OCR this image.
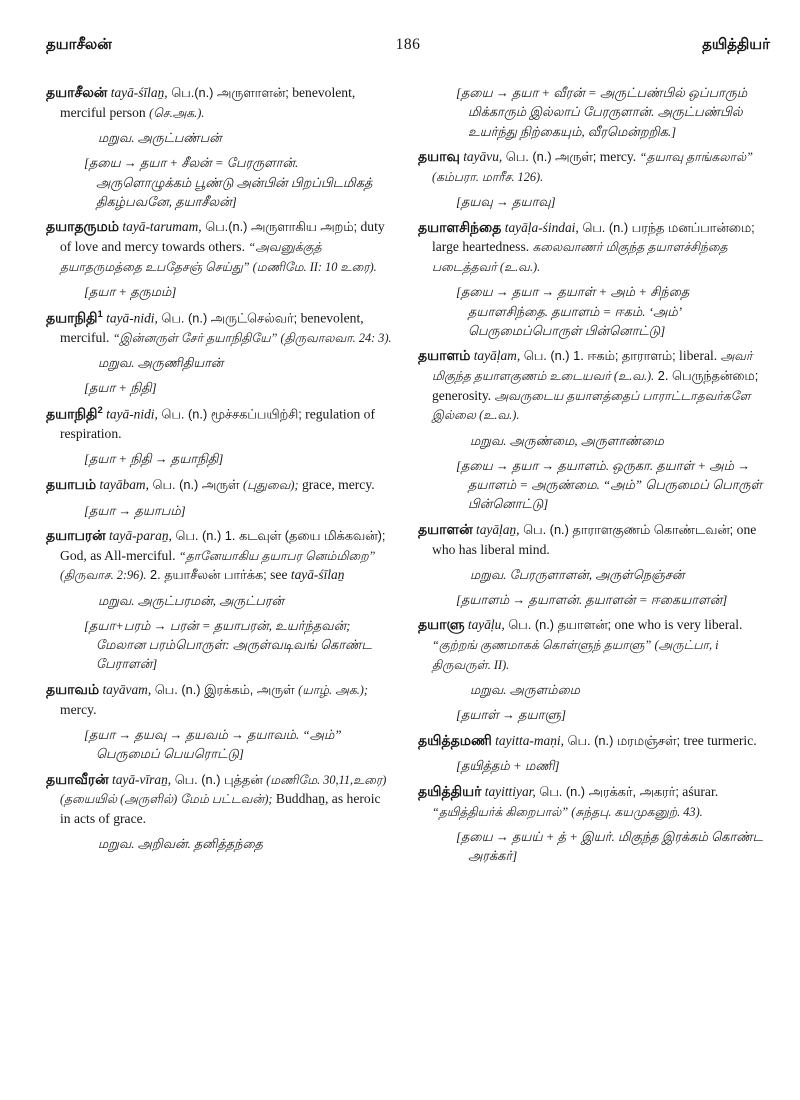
தயாசீலன்	186	தயித்தியர்

தயாசீலன் tayā-śīlaṉ, பெ.(n.) அருளாளன்; benevolent, merciful person (செ.அக.).

மறுவ. அருட்பண்பன்

[தயை → தயா + சீலன் = பேரருளான். அருளொழுக்கம் பூண்டு அன்பின் பிறப்பிடமிகத் திகழ்பவனே, தயாசீலன்]

தயாதருமம் tayā-tarumam, பெ.(n.) அருளாகிய அறம்; duty of love and mercy towards others. “அவனுக்குத் தயாதருமத்தை உபதேசஞ் செய்து” (மணிமே. II: 10 உரை).

[தயா + தருமம்]

தயாநிதி$^1$ tayā-nidi, பெ. (n.) அருட்செல்வர்; benevolent, merciful. “இன்னருள் சேர் தயாநிதியே” (திருவாலவா. 24: 3).

மறுவ. அருணிதியான்

[தயா + நிதி]

தயாநிதி$^2$ tayā-nidi, பெ. (n.) மூச்சகப்பயிற்சி; regulation of respiration.

[தயா + நிதி → தயாநிதி]

தயாபம் tayābam, பெ. (n.) அருள் (புதுவை); grace, mercy.

[தயா → தயாபம்]

தயாபரன் tayā-paraṉ, பெ. (n.) 1. கடவுள் (தயை மிக்கவன்); God, as All-merciful. “தானேயாகிய தயாபர னெம்மிறை” (திருவாச. 2:96). 2. தயாசீலன் பார்க்க; see tayā-śīlaṉ

மறுவ. அருட்பரமன், அருட்பரன்

[தயா+பரம் → பரன் = தயாபரன், உயர்ந்தவன்; மேலான பரம்பொருள்: அருள்வடிவங் கொண்ட பேராளன்]

தயாவம் tayāvam, பெ. (n.) இரக்கம், அருள் (யாழ். அக.); mercy.

[தயா → தயவு → தயவம் → தயாவம். “அம்” பெருமைப் பெயரொட்டு]

தயாவீரன் tayā-vīraṉ, பெ. (n.) புத்தன் (மணிமே. 30,11,உரை) (தயையில் (அருளில்) மேம் பட்டவன்); Buddhaṉ, as heroic in acts of grace.

மறுவ. அறிவன். தனித்தந்தை

[தயை → தயா + வீரன் = அருட்பண்பில் ஒப்பாரும் மிக்காரும் இல்லாப் பேரருளான். அருட்பண்பில் உயர்ந்து நிற்கையும், வீரமென்றறிக.]

தயாவு tayāvu, பெ. (n.) அருள்; mercy. “தயாவு தாங்கலால்” (கம்பரா. மாரீச. 126).

[தயவு → தயாவு]

தயாளசிந்தை tayāḷa-śindai, பெ. (n.) பரந்த மனப்பான்மை; large heartedness. கலைவாணர் மிகுந்த தயாளச்சிந்தை படைத்தவர் (உ.வ.).

[தயை → தயா → தயாள் + அம் + சிந்தை தயாளசிந்தை. தயாளம் = ஈகம். ‘அம்’ பெருமைப்பொருள் பின்னொட்டு]

தயாளம் tayāḷam, பெ. (n.) 1. ஈகம்; தாராளம்; liberal. அவர் மிகுந்த தயாளகுணம் உடையவர் (உ.வ.). 2. பெருந்தன்மை; generosity. அவருடைய தயாளத்தைப் பாராட்டாதவர்களே இல்லை (உ.வ.).

மறுவ. அருண்மை, அருளாண்மை

[தயை → தயா → தயாளம். ஒருகா. தயாள் + அம் → தயாளம் = அருண்மை. “அம்” பெருமைப் பொருள் பின்னொட்டு]

தயாளன் tayāḷaṉ, பெ. (n.) தாராளகுணம் கொண்டவன்; one who has liberal mind.

மறுவ. பேரருளாளன், அருள்நெஞ்சன்

[தயாளம் → தயாளன். தயாளன் = ஈகையாளன்]

தயாளு tayāḷu, பெ. (n.) தயாளன்; one who is very liberal. “குற்றங் குணமாகக் கொள்ளுந் தயாளு” (அருட்பா, i திருவருள். II).

மறுவ. அருளம்மை

[தயாள் → தயாளு]

தயித்தமணி tayitta-maṇi, பெ. (n.) மரமஞ்சள்; tree turmeric.

[தயித்தம் + மணி]

தயித்தியர் tayittiyar, பெ. (n.) அரக்கர், அகரர்; aśurar. “தயித்தியர்க் கிறைபால்” (சுந்தபு. கயமுகனுற். 43).

[தயை → தயய் + த் + இயர். மிகுந்த இரக்கம் கொண்ட அரக்கர்]
